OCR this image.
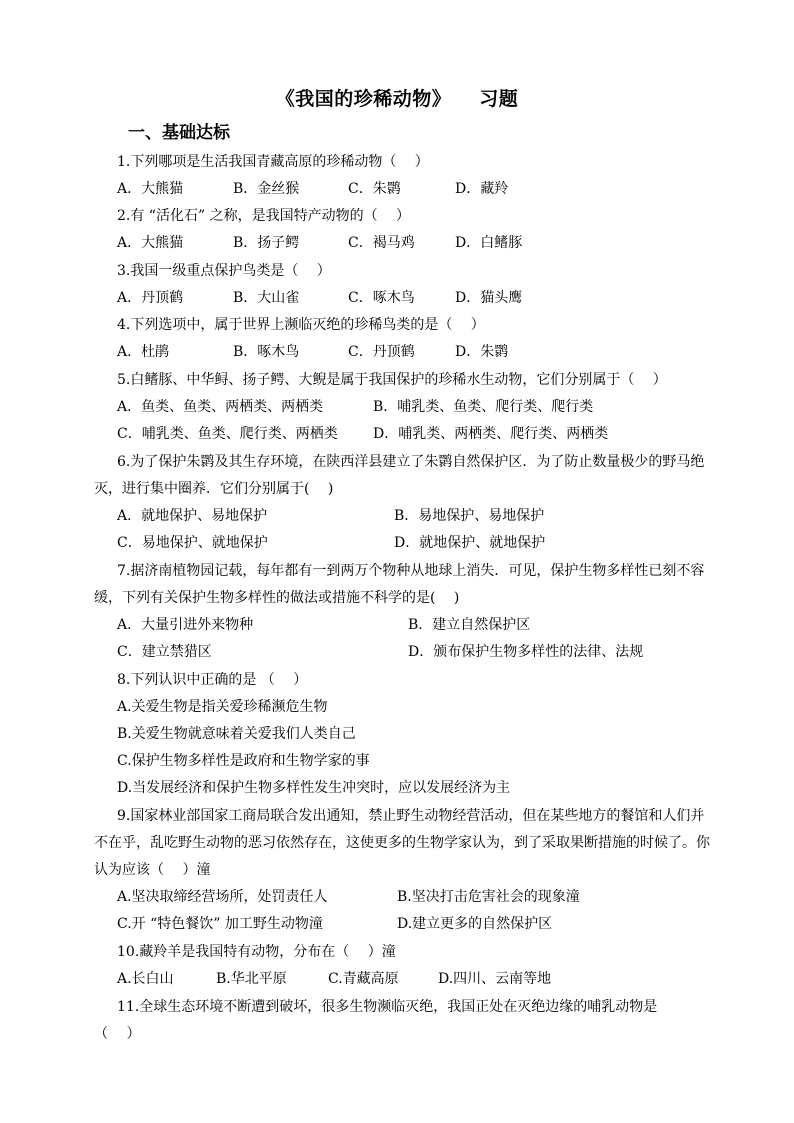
《我国的珍稀动物》 习题
一、基础达标
1.下列哪项是生活我国青藏高原的珍稀动物（　 ）
A．大熊猫	B．金丝猴	C．朱鹮	D．藏羚
2.有 “活化石” 之称，是我国特产动物的（　 ）
A．大熊猫	B．扬子鳄	C．褐马鸡	D．白鳍豚
3.我国一级重点保护鸟类是（　 ）
A．丹顶鹤	B．大山雀	C．啄木鸟	D．猫头鹰
4.下列选项中，属于世界上濒临灭绝的珍稀鸟类的是（　 ）
A．杜鹃	B．啄木鸟	C．丹顶鹤	D．朱鹮
5.白鳍豚、中华鲟、扬子鳄、大鲵是属于我国保护的珍稀水生动物，它们分别属于（　 ）
A．鱼类、鱼类、两栖类、两栖类	B．哺乳类、鱼类、爬行类、爬行类
C．哺乳类、鱼类、爬行类、两栖类	D．哺乳类、两栖类、爬行类、两栖类
6.为了保护朱鹮及其生存环境，在陕西洋县建立了朱鹮自然保护区．为了防止数量极少的野马绝
灭，进行集中圈养．它们分别属于(　 )
A．就地保护、易地保护	B．易地保护、易地保护
C．易地保护、就地保护	D．就地保护、就地保护
7.据济南植物园记载，每年都有一到两万个物种从地球上消失．可见，保护生物多样性已刻不容
缓，下列有关保护生物多样性的做法或措施不科学的是(　 )
A．大量引进外来物种	B．建立自然保护区
C．建立禁猎区	D．颁布保护生物多样性的法律、法规
8.下列认识中正确的是 （　 ）
A.关爱生物是指关爱珍稀濒危生物
B.关爱生物就意味着关爱我们人类自己
C.保护生物多样性是政府和生物学家的事
D.当发展经济和保护生物多样性发生冲突时，应以发展经济为主
9.国家林业部国家工商局联合发出通知，禁止野生动物经营活动，但在某些地方的餐馆和人们并
不在乎，乱吃野生动物的恶习依然存在，这使更多的生物学家认为，到了采取果断措施的时候了。你
认为应该（　 ）潼
A.坚决取缔经营场所，处罚责任人	B.坚决打击危害社会的现象潼
C.开 “特色餐饮” 加工野生动物潼	D.建立更多的自然保护区
10.藏羚羊是我国特有动物，分布在（　 ）潼
A.长白山	B.华北平原	C.青藏高原	D.四川、云南等地
11.全球生态环境不断遭到破坏，很多生物濒临灭绝，我国正处在灭绝边缘的哺乳动物是
（　 ）
